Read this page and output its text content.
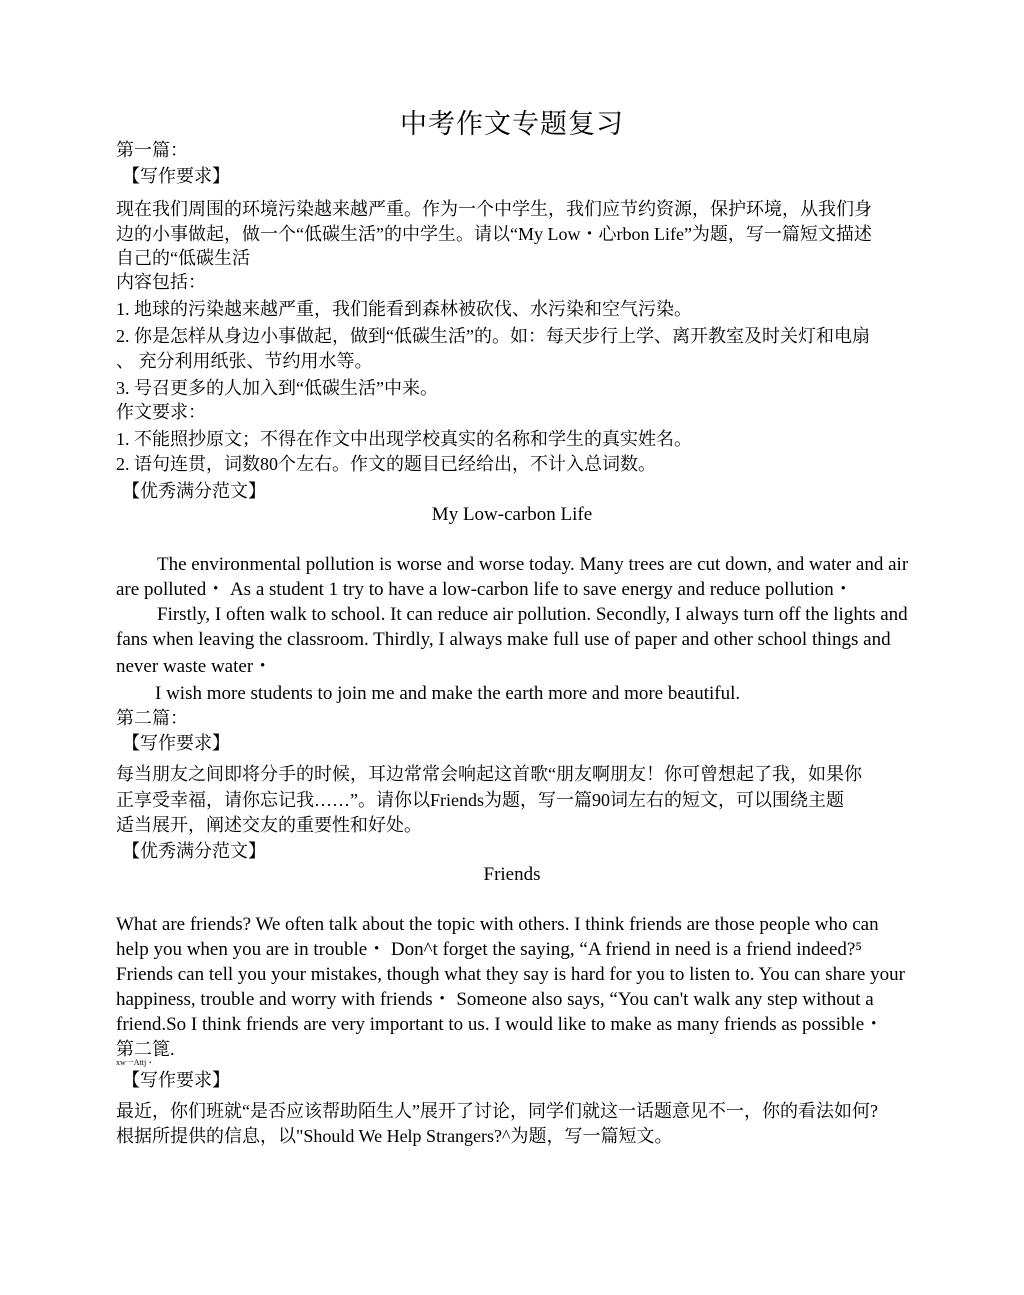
中考作文专题复习
第一篇：
【写作要求】
现在我们周围的环境污染越来越严重。作为一个中学生，我们应节约资源，保护环境，从我们身
边的小事做起，做一个“低碳生活”的中学生。请以“My Low・心rbon Life”为题，写一篇短文描述
自己的“低碳生活
内容包括：
1. 地球的污染越来越严重，我们能看到森林被砍伐、水污染和空气污染。
2. 你是怎样从身边小事做起，做到“低碳生活”的。如：每天步行上学、离开教室及时关灯和电扇
、 充分利用纸张、节约用水等。
3. 号召更多的人加入到“低碳生活”中来。
作文要求：
1. 不能照抄原文；不得在作文中出现学校真实的名称和学生的真实姓名。
2. 语句连贯，词数80个左右。作文的题目已经给出，不计入总词数。
【优秀满分范文】
My Low-carbon Life
The environmental pollution is worse and worse today. Many trees are cut down, and water and air
are polluted・ As a student 1 try to have a low-carbon life to save energy and reduce pollution・
Firstly, I often walk to school. It can reduce air pollution. Secondly, I always turn off the lights and
fans when leaving the classroom. Thirdly, I always make full use of paper and other school things and
never waste water・
I wish more students to join me and make the earth more and more beautiful.
第二篇：
【写作要求】
每当朋友之间即将分手的时候，耳边常常会响起这首歌“朋友啊朋友！你可曾想起了我，如果你
正享受幸福，请你忘记我……”。请你以Friends为题，写一篇90词左右的短文，可以围绕主题
适当展开，阐述交友的重要性和好处。
【优秀满分范文】
Friends
What are friends? We often talk about the topic with others. I think friends are those people who can
help you when you are in trouble・ Don^t forget the saying, “A friend in need is a friend indeed?⁵
Friends can tell you your mistakes, though what they say is hard for you to listen to. You can share your
happiness, trouble and worry with friends・ Someone also says, “You can't walk any step without a
friend.So I think friends are very important to us. I would like to make as many friends as possible・
第二篦.
xw一Attj・
【写作要求】
最近，你们班就“是否应该帮助陌生人”展开了讨论，同学们就这一话题意见不一，你的看法如何?
根据所提供的信息，以"Should We Help Strangers?^为题，写一篇短文。
